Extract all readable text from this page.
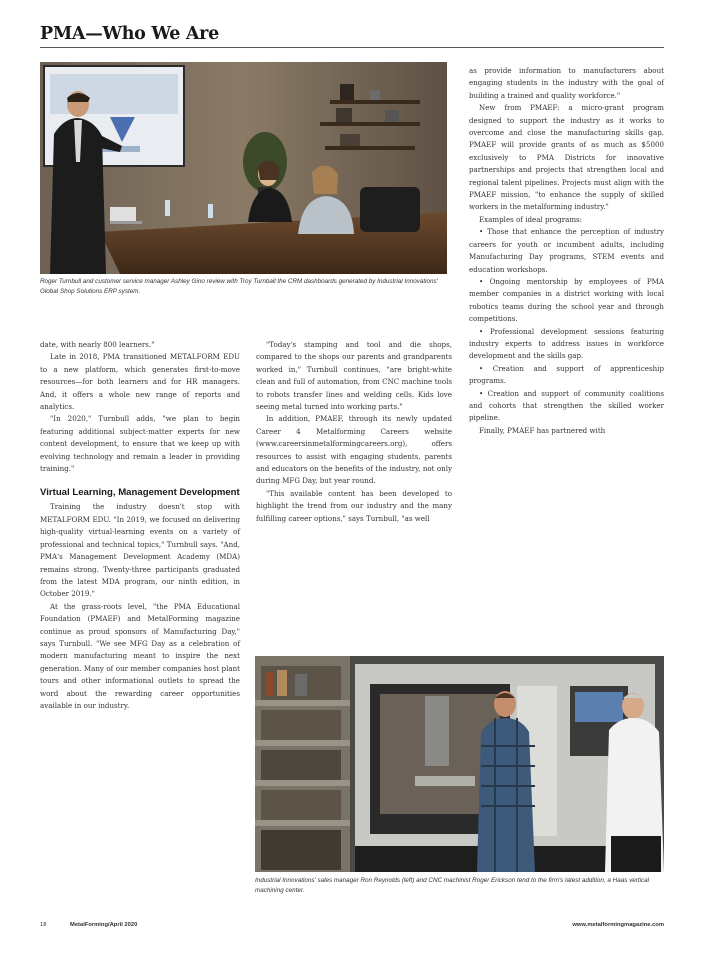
PMA—Who We Are
Roger Turnbull and customer service manager Ashley Gino review with Troy Turnball the CRM dashboards generated by Industrial Innovations' Global Shop Solutions ERP system.

date, with nearly 800 learners."

Late in 2018, PMA transitioned METALFORM EDU to a new platform, which generates first-to-move resources—for both learners and for HR managers. And, it offers a whole new range of reports and analytics.

"In 2020," Turnbull adds, "we plan to begin featuring additional subject-matter experts for new content development, to ensure that we keep up with evolving technology and remain a leader in providing training."

Virtual Learning, Management Development

Training the industry doesn't stop with METALFORM EDU. "In 2019, we focused on delivering high-quality virtual-learning events on a variety of professional and technical topics," Turnbull says. "And, PMA's Management Development Academy (MDA) remains strong. Twenty-three participants graduated from the latest MDA program, our ninth edition, in October 2019."

At the grass-roots level, "the PMA Educational Foundation (PMAEF) and MetalForming magazine continue as proud sponsors of Manufacturing Day," says Turnbull. "We see MFG Day as a celebration of modern manufacturing meant to inspire the next generation. Many of our member companies host plant tours and other informational outlets to spread the word about the rewarding career opportunities available in our industry.

"Today's stamping and tool and die shops, compared to the shops our parents and grandparents worked in," Turnbull continues, "are bright-white clean and full of automation, from CNC machine tools to robots transfer lines and welding cells. Kids love seeing metal turned into working parts."

In addition, PMAEF, through its newly updated Career 4 Metalforming Careers website (www.careersinmetalformingcareers.org), offers resources to assist with engaging students, parents and educators on the benefits of the industry, not only during MFG Day, but year round.

"This available content has been developed to highlight the trend from our industry and the many fulfilling career options," says Turnbull, "as well

as provide information to manufacturers about engaging students in the industry with the goal of building a trained and quality workforce."

New from PMAEF: a micro-grant program designed to support the industry as it works to overcome and close the manufacturing skills gap. PMAEF will provide grants of as much as $5000 exclusively to PMA Districts for innovative partnerships and projects that strengthen local and regional talent pipelines. Projects must align with the PMAEF mission, "to enhance the supply of skilled workers in the metalforming industry."

Examples of ideal programs:

• Those that enhance the perception of industry careers for youth or incumbent adults, including Manufacturing Day programs, STEM events and education workshops.

• Ongoing mentorship by employees of PMA member companies in a district working with local robotics teams during the school year and through competitions.

• Professional development sessions featuring industry experts to address issues in workforce development and the skills gap.

• Creation and support of apprenticeship programs.

• Creation and support of community coalitions and cohorts that strengthen the skilled worker pipeline.

Finally, PMAEF has partnered with

Industrial Innovations' sales manager Ron Reynolds (left) and CNC machinist Roger Erickson tend to the firm's latest addition, a Haas vertical machining center.
18	MetalForming/April 2020	www.metalformingmagazine.com
